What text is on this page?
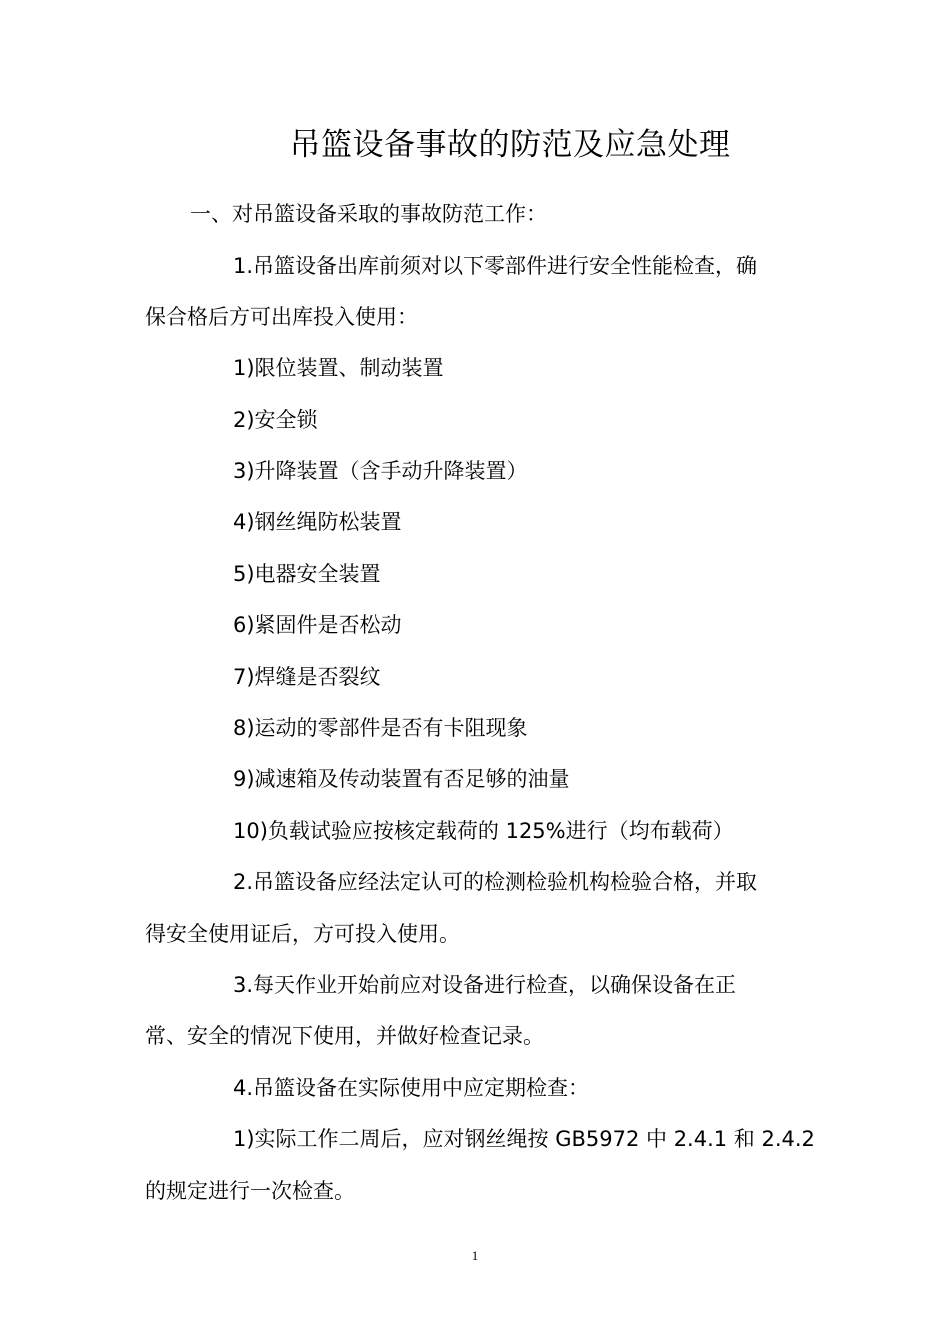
吊篮设备事故的防范及应急处理
一、对吊篮设备采取的事故防范工作：
1.吊篮设备出库前须对以下零部件进行安全性能检查，确
保合格后方可出库投入使用：
1)限位装置、制动装置
2)安全锁
3)升降装置（含手动升降装置）
4)钢丝绳防松装置
5)电器安全装置
6)紧固件是否松动
7)焊缝是否裂纹
8)运动的零部件是否有卡阻现象
9)减速箱及传动装置有否足够的油量
10)负载试验应按核定载荷的 125%进行（均布载荷）
2.吊篮设备应经法定认可的检测检验机构检验合格，并取
得安全使用证后，方可投入使用。
3.每天作业开始前应对设备进行检查，以确保设备在正
常、安全的情况下使用，并做好检查记录。
4.吊篮设备在实际使用中应定期检查：
1)实际工作二周后，应对钢丝绳按 GB5972 中 2.4.1 和 2.4.2
的规定进行一次检查。
1
